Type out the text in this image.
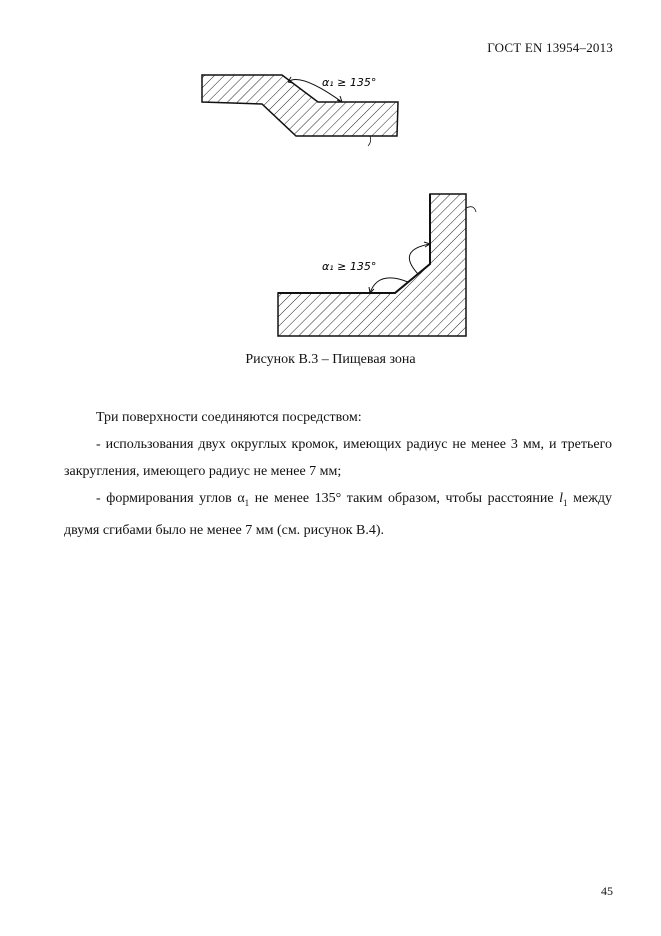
ГОСТ EN 13954–2013
α₁ ≥ 135°
α₁ ≥ 135°
Рисунок В.3 – Пищевая зона

Три поверхности соединяются посредством:

- использования двух округлых кромок, имеющих радиус не менее 3 мм, и третьего закругления, имеющего радиус не менее 7 мм;

- формирования углов $\alpha_1$ не менее 135° таким образом, чтобы расстояние $l_1$ между двумя сгибами было не менее 7 мм (см. рисунок В.4).

45
